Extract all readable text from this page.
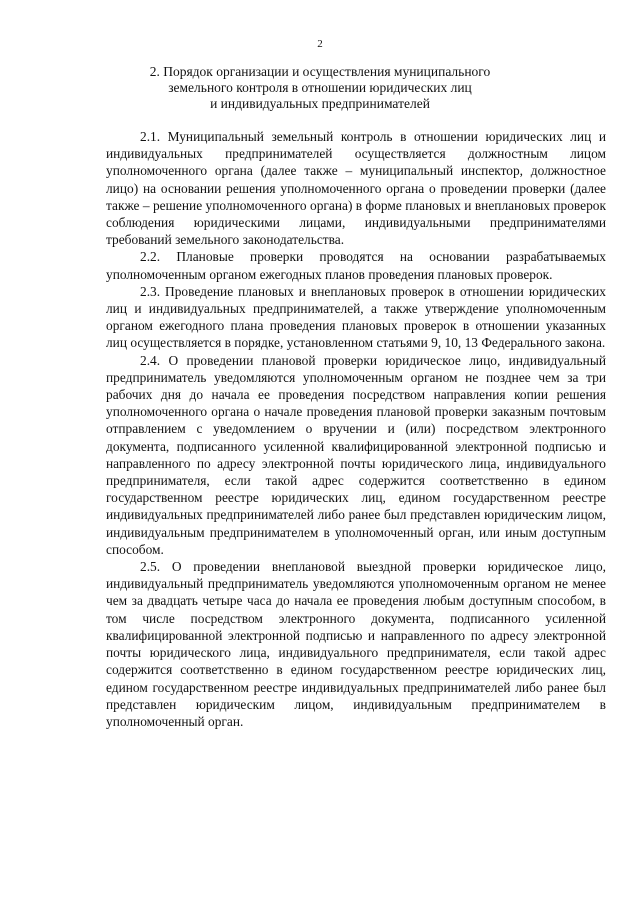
2
2. Порядок организации и осуществления муниципального
земельного контроля в отношении юридических лиц
и индивидуальных предпринимателей

2.1. Муниципальный земельный контроль в отношении юридических лиц и индивидуальных предпринимателей осуществляется должностным лицом уполномоченного органа (далее также – муниципальный инспектор, должностное лицо) на основании решения уполномоченного органа о проведении проверки (далее также – решение уполномоченного органа) в форме плановых и внеплановых проверок соблюдения юридическими лицами, индивидуальными предпринимателями требований земельного законодательства.

2.2. Плановые проверки проводятся на основании разрабатываемых уполномоченным органом ежегодных планов проведения плановых проверок.

2.3. Проведение плановых и внеплановых проверок в отношении юридических лиц и индивидуальных предпринимателей, а также утверждение уполномоченным органом ежегодного плана проведения плановых проверок в отношении указанных лиц осуществляется в порядке, установленном статьями 9, 10, 13 Федерального закона.

2.4. О проведении плановой проверки юридическое лицо, индивидуальный предприниматель уведомляются уполномоченным органом не позднее чем за три рабочих дня до начала ее проведения посредством направления копии решения уполномоченного органа о начале проведения плановой проверки заказным почтовым отправлением с уведомлением о вручении и (или) посредством электронного документа, подписанного усиленной квалифицированной электронной подписью и направленного по адресу электронной почты юридического лица, индивидуального предпринимателя, если такой адрес содержится соответственно в едином государственном реестре юридических лиц, едином государственном реестре индивидуальных предпринимателей либо ранее был представлен юридическим лицом, индивидуальным предпринимателем в уполномоченный орган, или иным доступным способом.

2.5. О проведении внеплановой выездной проверки юридическое лицо, индивидуальный предприниматель уведомляются уполномоченным органом не менее чем за двадцать четыре часа до начала ее проведения любым доступным способом, в том числе посредством электронного документа, подписанного усиленной квалифицированной электронной подписью и направленного по адресу электронной почты юридического лица, индивидуального предпринимателя, если такой адрес содержится соответственно в едином государственном реестре юридических лиц, едином государственном реестре индивидуальных предпринимателей либо ранее был представлен юридическим лицом, индивидуальным предпринимателем в уполномоченный орган.
